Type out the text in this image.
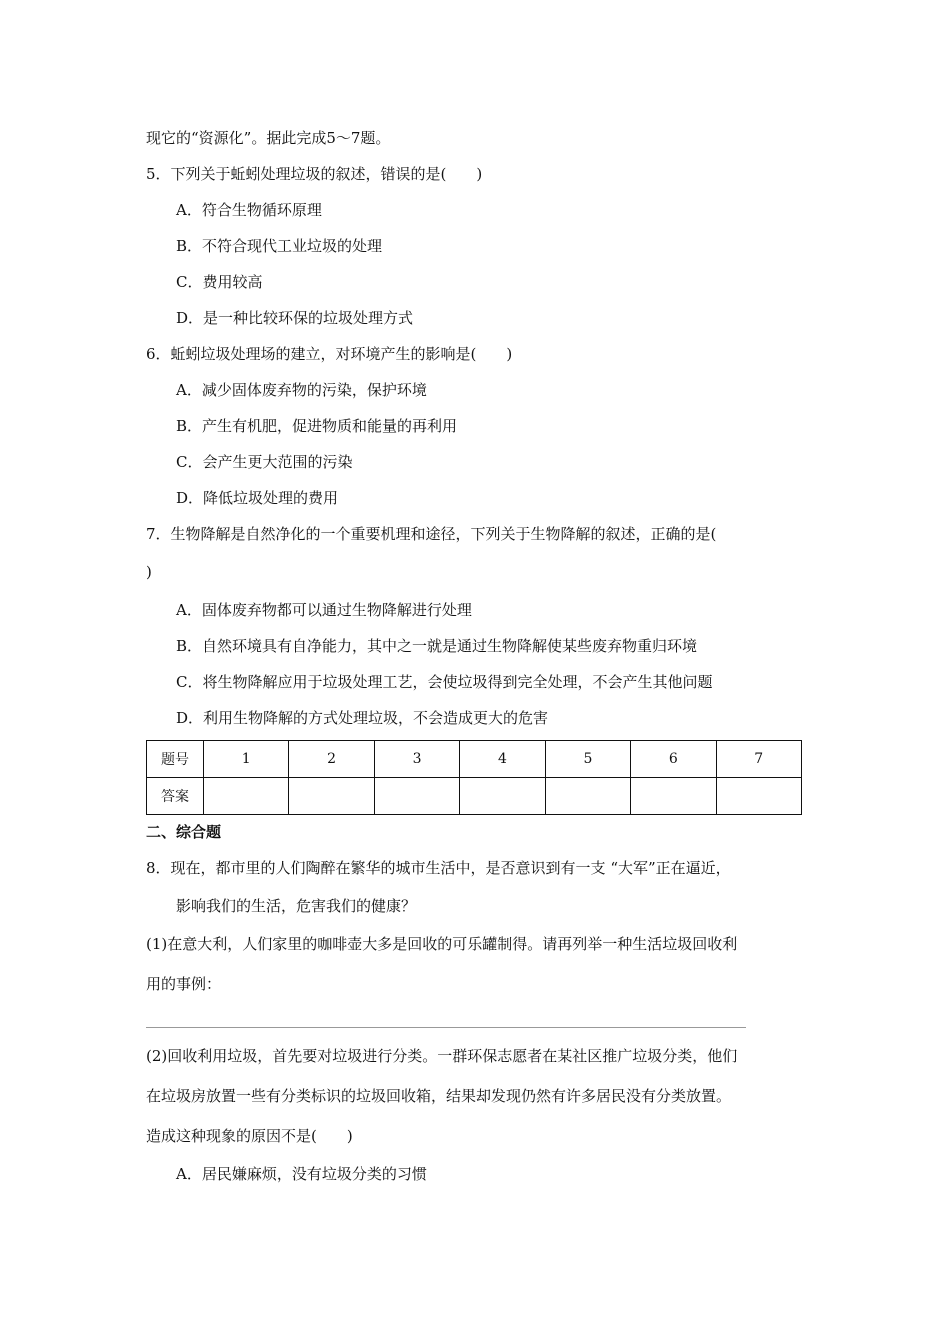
现它的“资源化”。据此完成5～7题。
5．下列关于蚯蚓处理垃圾的叙述，错误的是(　　)
A．符合生物循环原理
B．不符合现代工业垃圾的处理
C．费用较高
D．是一种比较环保的垃圾处理方式
6．蚯蚓垃圾处理场的建立，对环境产生的影响是(　　)
A．减少固体废弃物的污染，保护环境
B．产生有机肥，促进物质和能量的再利用
C．会产生更大范围的污染
D．降低垃圾处理的费用
7．生物降解是自然净化的一个重要机理和途径，下列关于生物降解的叙述，正确的是(
)
A．固体废弃物都可以通过生物降解进行处理
B．自然环境具有自净能力，其中之一就是通过生物降解使某些废弃物重归环境
C．将生物降解应用于垃圾处理工艺，会使垃圾得到完全处理，不会产生其他问题
D．利用生物降解的方式处理垃圾，不会造成更大的危害
题号	1	2	3	4	5	6	7
答案							
二、综合题
8．现在，都市里的人们陶醉在繁华的城市生活中，是否意识到有一支 “大军”正在逼近，
影响我们的生活，危害我们的健康？
(1)在意大利，人们家里的咖啡壶大多是回收的可乐罐制得。请再列举一种生活垃圾回收利
用的事例：
(2)回收利用垃圾，首先要对垃圾进行分类。一群环保志愿者在某社区推广垃圾分类，他们
在垃圾房放置一些有分类标识的垃圾回收箱，结果却发现仍然有许多居民没有分类放置。
造成这种现象的原因不是(　　)
A．居民嫌麻烦，没有垃圾分类的习惯
